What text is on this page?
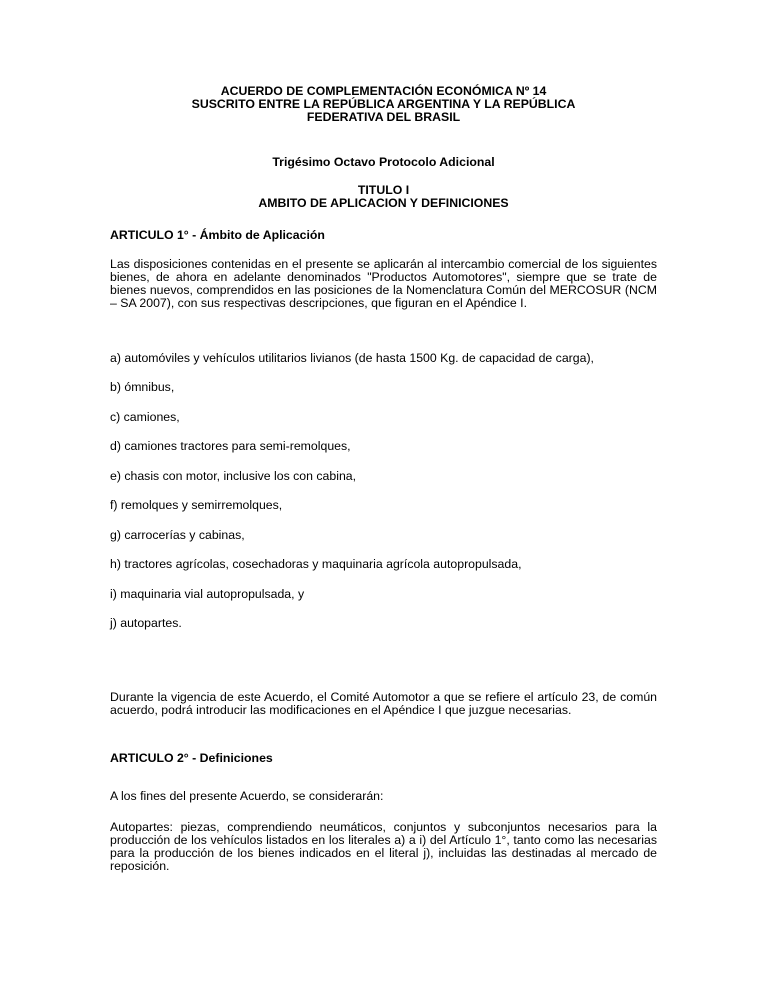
ACUERDO DE COMPLEMENTACIÓN ECONÓMICA Nº 14
SUSCRITO ENTRE LA REPÚBLICA ARGENTINA Y LA REPÚBLICA
FEDERATIVA DEL BRASIL
Trigésimo Octavo Protocolo Adicional
TITULO I
AMBITO DE APLICACION Y DEFINICIONES
ARTICULO 1° - Ámbito de Aplicación
Las disposiciones contenidas en el presente se aplicarán al intercambio comercial de los siguientes bienes, de ahora en adelante denominados "Productos Automotores", siempre que se trate de bienes nuevos, comprendidos en las posiciones de la Nomenclatura Común del MERCOSUR (NCM – SA 2007), con sus respectivas descripciones, que figuran en el Apéndice I.
a) automóviles y vehículos utilitarios livianos (de hasta 1500 Kg. de capacidad de carga),
b) ómnibus,
c) camiones,
d) camiones tractores para semi-remolques,
e) chasis con motor, inclusive los con cabina,
f) remolques y semirremolques,
g) carrocerías y cabinas,
h) tractores agrícolas, cosechadoras y maquinaria agrícola autopropulsada,
i) maquinaria vial autopropulsada, y
j) autopartes.
Durante la vigencia de este Acuerdo, el Comité Automotor a que se refiere el artículo 23, de común acuerdo, podrá introducir las modificaciones en el Apéndice I que juzgue necesarias.
ARTICULO 2° - Definiciones
A los fines del presente Acuerdo, se considerarán:
Autopartes: piezas, comprendiendo neumáticos, conjuntos y subconjuntos necesarios para la producción de los vehículos listados en los literales a) a i) del Artículo 1°, tanto como las necesarias para la producción de los bienes indicados en el literal j), incluidas las destinadas al mercado de reposición.
